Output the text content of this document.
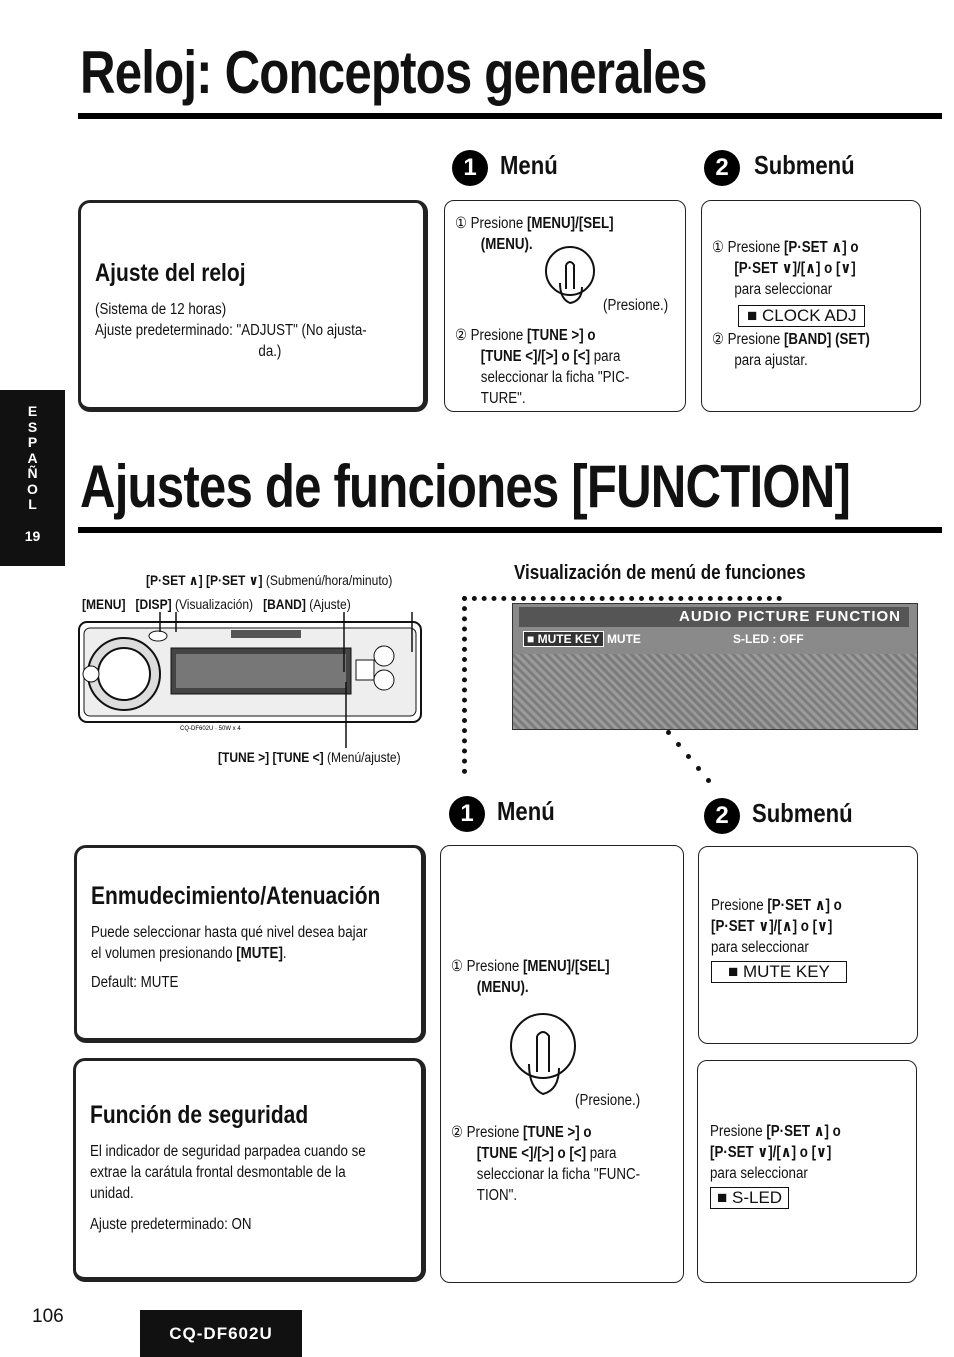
Reloj: Conceptos generales
1 Menú	2 Submenú
Ajuste del reloj
(Sistema de 12 horas)
Ajuste predeterminado: "ADJUST" (No ajusta-
da.)
① Presione [MENU]/[SEL]
(MENU).
(Presione.)
② Presione [TUNE >] o
[TUNE <]/[>] o [<] para
seleccionar la ficha "PIC-
TURE".
① Presione [P·SET ∧] o
[P·SET ∨]/[∧] o [∨]
para seleccionar
■ CLOCK ADJ
② Presione [BAND] (SET)
para ajustar.
E
S
P
A
Ñ
O
L
19
Ajustes de funciones [FUNCTION]
[P·SET ∧] [P·SET ∨] (Submenú/hora/minuto)
[MENU] [DISP] (Visualización) [BAND] (Ajuste)
[TUNE >] [TUNE <] (Menú/ajuste)
CQ-DF602U · 50W x 4
Visualización de menú de funciones
AUDIO PICTURE FUNCTION
■ MUTE KEY MUTE	S-LED : OFF
1 Menú	2 Submenú
Enmudecimiento/Atenuación
Puede seleccionar hasta qué nivel desea bajar
el volumen presionando [MUTE].
Default: MUTE
Función de seguridad
El indicador de seguridad parpadea cuando se
extrae la carátula frontal desmontable de la
unidad.
Ajuste predeterminado: ON
① Presione [MENU]/[SEL]
(MENU).
(Presione.)
② Presione [TUNE >] o
[TUNE <]/[>] o [<] para
seleccionar la ficha "FUNC-
TION".
Presione [P·SET ∧] o
[P·SET ∨]/[∧] o [∨]
para seleccionar
■ MUTE KEY
Presione [P·SET ∧] o
[P·SET ∨]/[∧] o [∨]
para seleccionar
■ S-LED
106
CQ-DF602U
